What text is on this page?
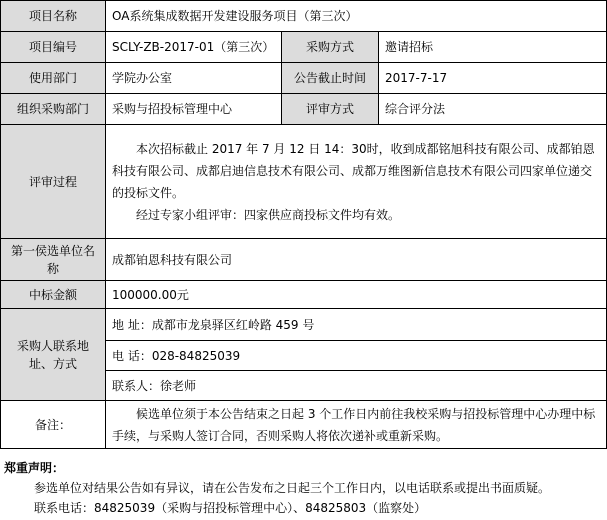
项目名称	OA系统集成数据开发建设服务项目（第三次）		
项目编号	SCLY-ZB-2017-01（第三次）	采购方式	邀请招标
使用部门	学院办公室	公告截止时间	2017-7-17
组织采购部门	采购与招投标管理中心	评审方式	综合评分法
评审过程	本次招标截止 2017 年 7 月 12 日 14：30时，收到成都铭旭科技有限公司、成都铂恩科技有限公司、成都启迪信息技术有限公司、成都万维图新信息技术有限公司四家单位递交的投标文件。

经过专家小组评审：四家供应商投标文件均有效。		

第一侯选单位名称	成都铂恩科技有限公司		
中标金额	100000.00元		
采购人联系地址、方式	地 址：成都市龙泉驿区红岭路 459 号		
	电 话：028-84825039		
	联系人：徐老师		
备注：	候选单位须于本公告结束之日起 3 个工作日内前往我校采购与招投标管理中心办理中标手续，与采购人签订合同，否则采购人将依次递补或重新采购。		

郑重声明：
参选单位对结果公告如有异议，请在公告发布之日起三个工作日内，以电话联系或提出书面质疑。
联系电话：84825039（采购与招投标管理中心）、84825803（监察处）
